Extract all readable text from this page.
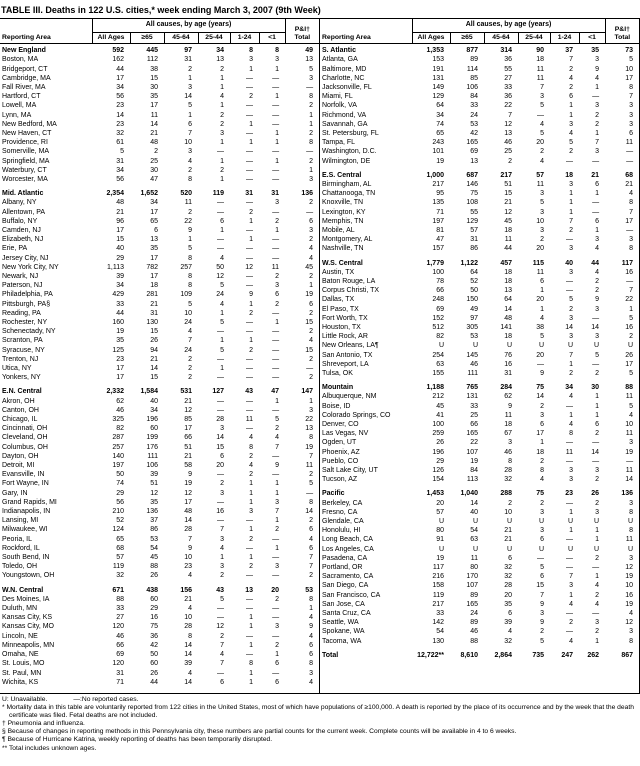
TABLE III. Deaths in 122 U.S. cities,* week ending March 3, 2007 (9th Week)
Reporting Area	All causes, by age (years)						P&I† Total
	All Ages	≥65	45-64	25-44	1-24	<1	
New England	592	445	97	34	8	8	49
Boston, MA	162	112	31	13	3	3	13
Bridgeport, CT	44	38	2	2	1	1	5
Cambridge, MA	17	15	1	1	—	—	3
Fall River, MA	34	30	3	1	—	—	—
Hartford, CT	56	35	14	4	2	1	8
Lowell, MA	23	17	5	1	—	—	2
Lynn, MA	14	11	1	2	—	—	1
New Bedford, MA	23	14	6	2	1	—	1
New Haven, CT	32	21	7	3	—	1	2
Providence, RI	61	48	10	1	1	1	8
Somerville, MA	5	2	3	—	—	—	—
Springfield, MA	31	25	4	1	—	1	2
Waterbury, CT	34	30	2	2	—	—	1
Worcester, MA	56	47	8	1	—	—	3
Mid. Atlantic	2,354	1,652	520	119	31	31	136
Albany, NY	48	34	11	—	—	3	2
Allentown, PA	21	17	2	—	2	—	—
Buffalo, NY	96	65	22	6	1	2	6
Camden, NJ	17	6	9	1	—	1	3
Elizabeth, NJ	15	13	1	—	1	—	2
Erie, PA	40	35	5	—	—	—	4
Jersey City, NJ	29	17	8	4	—	—	4
New York City, NY	1,113	782	257	50	12	11	45
Newark, NJ	39	17	8	12	—	2	2
Paterson, NJ	34	18	8	5	—	3	1
Philadelphia, PA	429	281	109	24	9	6	19
Pittsburgh, PA§	33	21	5	4	1	2	6
Reading, PA	44	31	10	1	2	—	2
Rochester, NY	160	130	24	5	—	1	15
Schenectady, NY	19	15	4	—	—	—	2
Scranton, PA	35	26	7	1	1	—	4
Syracuse, NY	125	94	24	5	2	—	15
Trenton, NJ	23	21	2	—	—	—	2
Utica, NY	17	14	2	1	—	—	—
Yonkers, NY	17	15	2	—	—	—	2
E.N. Central	2,332	1,584	531	127	43	47	147
Akron, OH	62	40	21	—	—	1	1
Canton, OH	46	34	12	—	—	—	3
Chicago, IL	325	196	85	28	11	5	22
Cincinnati, OH	82	60	17	3	—	2	13
Cleveland, OH	287	199	66	14	4	4	8
Columbus, OH	257	176	51	15	8	7	19
Dayton, OH	140	111	21	6	2	—	7
Detroit, MI	197	106	58	20	4	9	11
Evansville, IN	50	39	9	—	2	—	2
Fort Wayne, IN	74	51	19	2	1	1	5
Gary, IN	29	12	12	3	1	1	—
Grand Rapids, MI	56	35	17	—	1	3	8
Indianapolis, IN	210	136	48	16	3	7	14
Lansing, MI	52	37	14	—	—	1	2
Milwaukee, WI	124	86	28	7	1	2	6
Peoria, IL	65	53	7	3	2	—	4
Rockford, IL	68	54	9	4	—	1	6
South Bend, IN	57	45	10	1	1	—	7
Toledo, OH	119	88	23	3	2	3	7
Youngstown, OH	32	26	4	2	—	—	2
W.N. Central	671	438	156	43	13	20	53
Des Moines, IA	88	60	21	5	—	2	8
Duluth, MN	33	29	4	—	—	—	1
Kansas City, KS	27	16	10	—	1	—	4
Kansas City, MO	120	75	28	12	1	3	9
Lincoln, NE	46	36	8	2	—	—	4
Minneapolis, MN	66	42	14	7	1	2	6
Omaha, NE	69	50	14	4	—	1	6
St. Louis, MO	120	60	39	7	8	6	8
St. Paul, MN	31	26	4	—	1	—	3
Wichita, KS	71	44	14	6	1	6	4
Reporting Area	All causes, by age (years)						P&I† Total
	All Ages	≥65	45-64	25-44	1-24	<1	
S. Atlantic	1,353	877	314	90	37	35	73
Atlanta, GA	153	89	36	18	7	3	5
Baltimore, MD	191	114	55	11	2	9	10
Charlotte, NC	131	85	27	11	4	4	17
Jacksonville, FL	149	106	33	7	2	1	8
Miami, FL	129	84	36	3	6	—	7
Norfolk, VA	64	33	22	5	1	3	3
Richmond, VA	34	24	7	—	1	2	3
Savannah, GA	74	53	12	4	3	2	3
St. Petersburg, FL	65	42	13	5	4	1	6
Tampa, FL	243	165	46	20	5	7	11
Washington, D.C.	101	69	25	2	2	3	—
Wilmington, DE	19	13	2	4	—	—	—
E.S. Central	1,000	687	217	57	18	21	68
Birmingham, AL	217	146	51	11	3	6	21
Chattanooga, TN	95	75	15	3	1	1	4
Knoxville, TN	135	108	21	5	1	—	8
Lexington, KY	71	55	12	3	1	—	7
Memphis, TN	197	129	45	10	7	6	17
Mobile, AL	81	57	18	3	2	1	—
Montgomery, AL	47	31	11	2	—	3	3
Nashville, TN	157	86	44	20	3	4	8
W.S. Central	1,779	1,122	457	115	40	44	117
Austin, TX	100	64	18	11	3	4	16
Baton Rouge, LA	78	52	18	6	—	2	—
Corpus Christi, TX	66	50	13	1	—	2	7
Dallas, TX	248	150	64	20	5	9	22
El Paso, TX	69	49	14	1	2	3	1
Fort Worth, TX	152	97	48	4	3	—	5
Houston, TX	512	305	141	38	14	14	16
Little Rock, AR	82	53	18	5	3	3	2
New Orleans, LA¶	U	U	U	U	U	U	U
San Antonio, TX	254	145	76	20	7	5	26
Shreveport, LA	63	46	16	—	1	—	17
Tulsa, OK	155	111	31	9	2	2	5
Mountain	1,188	765	284	75	34	30	88
Albuquerque, NM	212	131	62	14	4	1	11
Boise, ID	45	33	9	2	—	1	5
Colorado Springs, CO	41	25	11	3	1	1	4
Denver, CO	100	66	18	6	4	6	10
Las Vegas, NV	259	165	67	17	8	2	11
Ogden, UT	26	22	3	1	—	—	3
Phoenix, AZ	196	107	46	18	11	14	19
Pueblo, CO	29	19	8	2	—	—	—
Salt Lake City, UT	126	84	28	8	3	3	11
Tucson, AZ	154	113	32	4	3	2	14
Pacific	1,453	1,040	288	75	23	26	136
Berkeley, CA	20	14	2	2	—	2	3
Fresno, CA	57	40	10	3	1	3	8
Glendale, CA	U	U	U	U	U	U	U
Honolulu, HI	80	54	21	3	1	1	8
Long Beach, CA	91	63	21	6	—	1	11
Los Angeles, CA	U	U	U	U	U	U	U
Pasadena, CA	19	11	6	—	—	2	3
Portland, OR	117	80	32	5	—	—	12
Sacramento, CA	216	170	32	6	7	1	19
San Diego, CA	158	107	28	15	3	4	10
San Francisco, CA	119	89	20	7	1	2	16
San Jose, CA	217	165	35	9	4	4	19
Santa Cruz, CA	33	24	6	3	—	—	4
Seattle, WA	142	89	39	9	2	3	12
Spokane, WA	54	46	4	2	—	2	3
Tacoma, WA	130	88	32	5	4	1	8
Total	12,722**	8,610	2,864	735	247	262	867
U: Unavailable.	—:No reported cases.
* Mortality data in this table are voluntarily reported from 122 cities in the United States, most of which have populations of ≥100,000. A death is reported by the place of its occurrence and by the week that the death certificate was filed. Fetal deaths are not included.
† Pneumonia and influenza.
§ Because of changes in reporting methods in this Pennsylvania city, these numbers are partial counts for the current week. Complete counts will be available in 4 to 6 weeks.
¶ Because of Hurricane Katrina, weekly reporting of deaths has been temporarily disrupted.
** Total includes unknown ages.
